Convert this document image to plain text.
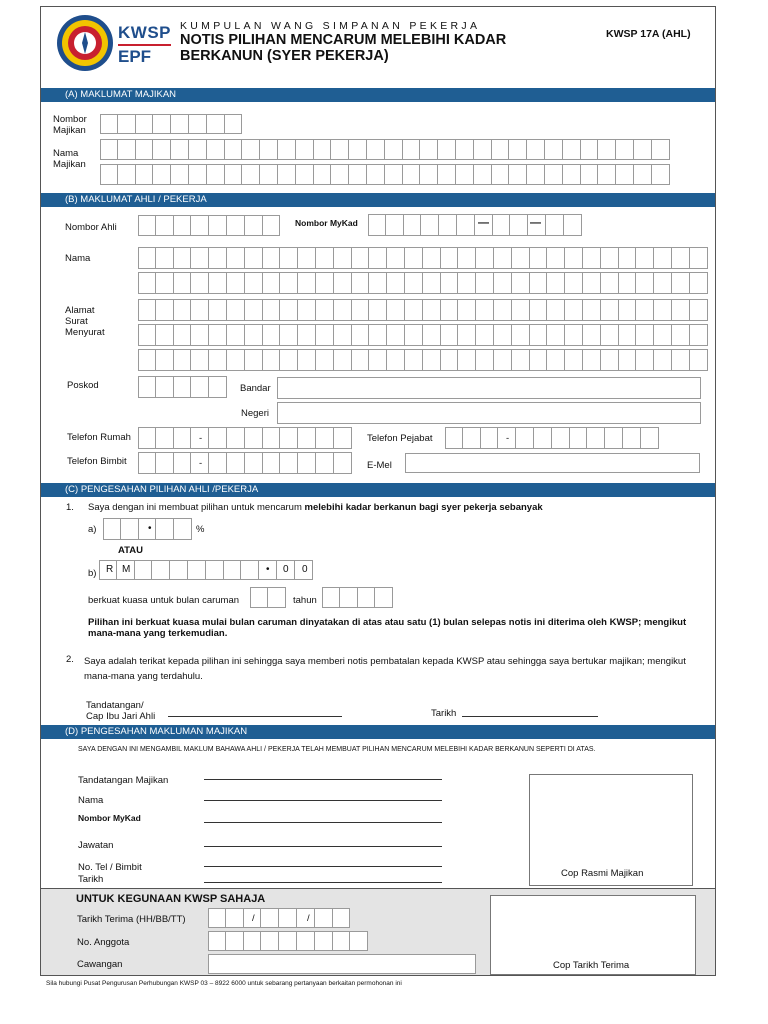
KWSP
EPF
KUMPULAN WANG SIMPANAN PEKERJA
NOTIS PILIHAN MENCARUM MELEBIHI KADAR
BERKANUN (SYER PEKERJA)
KWSP 17A (AHL)
(A) MAKLUMAT MAJIKAN
Nombor
Majikan
Nama
Majikan
(B) MAKLUMAT AHLI / PEKERJA
Nombor Ahli	Nombor MyKad	—	—
Nama
Alamat
Surat
Menyurat
Poskod	Bandar
Negeri
Telefon Rumah	-	Telefon Pejabat	-
Telefon Bimbit	-	E-Mel
(C) PENGESAHAN PILIHAN AHLI /PEKERJA
1. Saya dengan ini membuat pilihan untuk mencarum melebihi kadar berkanun bagi syer pekerja sebanyak
a)	•	%
ATAU
b) R M	• 0 0
berkuat kuasa untuk bulan caruman	tahun
Pilihan ini berkuat kuasa mulai bulan caruman dinyatakan di atas atau satu (1) bulan selepas notis ini diterima oleh KWSP; mengikut mana-mana yang terkemudian.
2. Saya adalah terikat kepada pilihan ini sehingga saya memberi notis pembatalan kepada KWSP atau sehingga saya bertukar majikan; mengikut mana-mana yang terdahulu.
Tandatangan/
Cap Ibu Jari Ahli	Tarikh
(D) PENGESAHAN MAKLUMAN MAJIKAN
SAYA DENGAN INI MENGAMBIL MAKLUM BAHAWA AHLI / PEKERJA TELAH MEMBUAT PILIHAN MENCARUM MELEBIHI KADAR BERKANUN SEPERTI DI ATAS.
Tandatangan Majikan
Nama
Nombor MyKad
Jawatan
No. Tel / Bimbit
Tarikh
Cop Rasmi Majikan
UNTUK KEGUNAAN KWSP SAHAJA
Tarikh Terima (HH/BB/TT)	/	/
No. Anggota
Cawangan	Cop Tarikh Terima
Sila hubungi Pusat Pengurusan Perhubungan KWSP 03 – 8922 6000 untuk sebarang pertanyaan berkaitan permohonan ini
